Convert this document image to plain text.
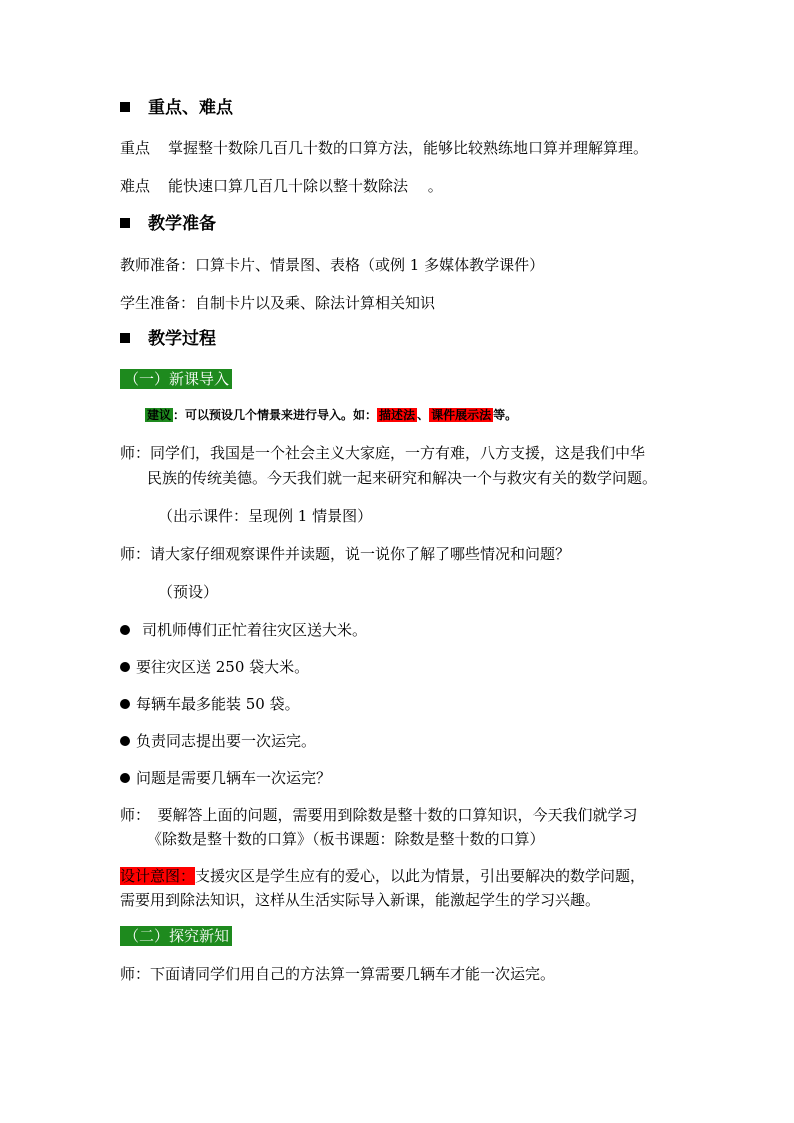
重点、难点
重点 掌握整十数除几百几十数的口算方法，能够比较熟练地口算并理解算理。
难点 能快速口算几百几十除以整十数除法　 。
教学准备
教师准备：口算卡片、情景图、表格（或例 1 多媒体教学课件）
学生准备：自制卡片以及乘、除法计算相关知识
教学过程
（一）新课导入
建议 ：可以预设几个情景来进行导入。如： 描述法 、 课件展示法 等。
师：同学们，我国是一个社会主义大家庭，一方有难，八方支援，这是我们中华
民族的传统美德。今天我们就一起来研究和解决一个与救灾有关的数学问题。
（出示课件：呈现例 1 情景图）
师：请大家仔细观察课件并读题，说一说你了解了哪些情况和问题？
（预设）
司机师傅们正忙着往灾区送大米。
要往灾区送 250 袋大米。
每辆车最多能装 50 袋。
负责同志提出要一次运完。
问题是需要几辆车一次运完？
师：　要解答上面的问题，需要用到除数是整十数的口算知识，今天我们就学习
《除数是整十数的口算》（板书课题：除数是整十数的口算）
设计意图：支援灾区是学生应有的爱心，以此为情景，引出要解决的数学问题，
需要用到除法知识，这样从生活实际导入新课，能激起学生的学习兴趣。
（二）探究新知
师：下面请同学们用自己的方法算一算需要几辆车才能一次运完。
